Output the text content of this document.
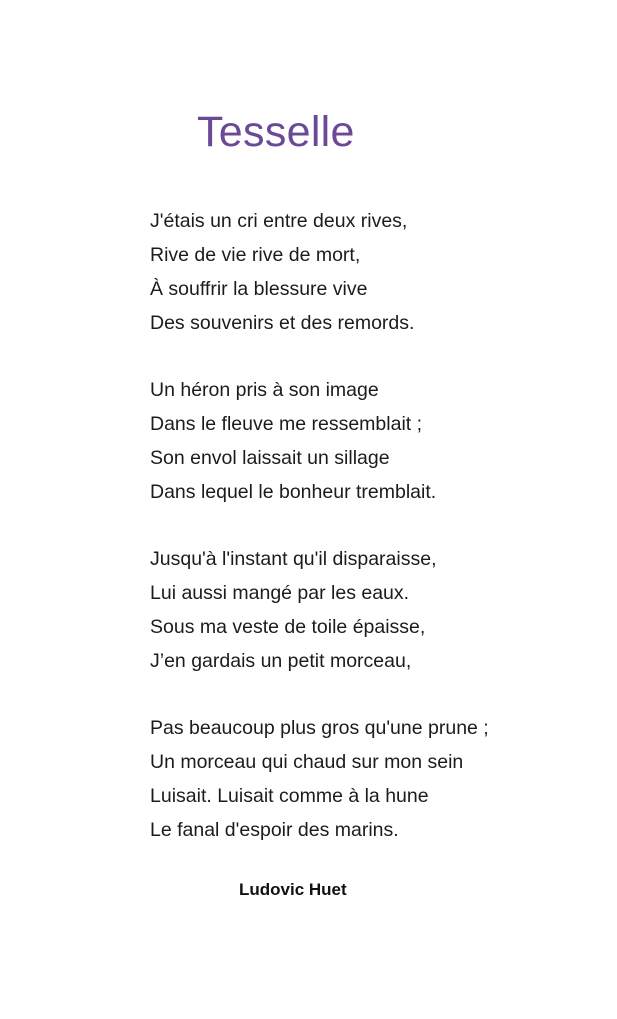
Tesselle
J'étais un cri entre deux rives,
Rive de vie rive de mort,
À souffrir la blessure vive
Des souvenirs et des remords.
Un héron pris à son image
Dans le fleuve me ressemblait ;
Son envol laissait un sillage
Dans lequel le bonheur tremblait.
Jusqu'à l'instant qu'il disparaisse,
Lui aussi mangé par les eaux.
Sous ma veste de toile épaisse,
J’en gardais un petit morceau,
Pas beaucoup plus gros qu'une prune ;
Un morceau qui chaud sur mon sein
Luisait. Luisait comme à la hune
Le fanal d'espoir des marins.
Ludovic Huet
